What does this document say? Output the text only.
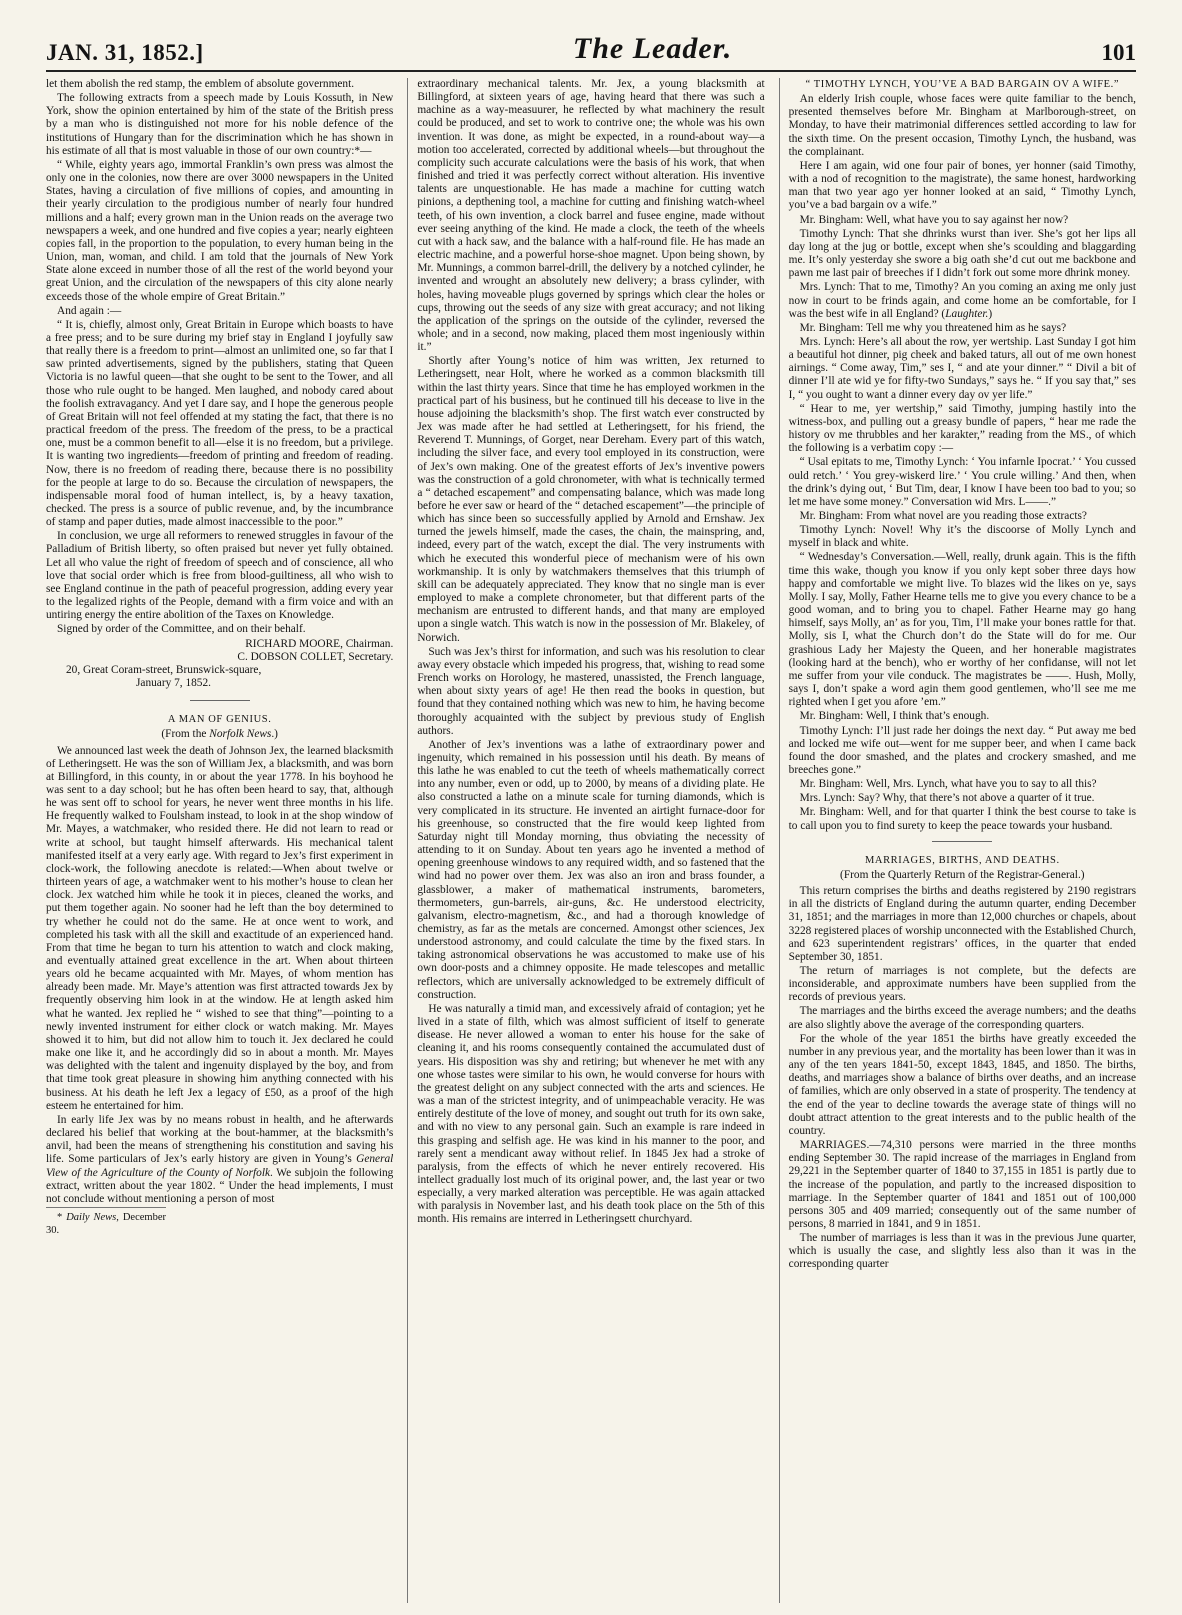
JAN. 31, 1852.]	The Leader.	101

let them abolish the red stamp, the emblem of absolute government.

The following extracts from a speech made by Louis Kossuth, in New York, show the opinion entertained by him of the state of the British press by a man who is distinguished not more for his noble defence of the institutions of Hungary than for the discrimination which he has shown in his estimate of all that is most valuable in those of our own country:*—

“ While, eighty years ago, immortal Franklin’s own press was almost the only one in the colonies, now there are over 3000 newspapers in the United States, having a circulation of five millions of copies, and amounting in their yearly circulation to the prodigious number of nearly four hundred millions and a half; every grown man in the Union reads on the average two newspapers a week, and one hundred and five copies a year; nearly eighteen copies fall, in the proportion to the population, to every human being in the Union, man, woman, and child. I am told that the journals of New York State alone exceed in number those of all the rest of the world beyond your great Union, and the circulation of the newspapers of this city alone nearly exceeds those of the whole empire of Great Britain.”

And again :—

“ It is, chiefly, almost only, Great Britain in Europe which boasts to have a free press; and to be sure during my brief stay in England I joyfully saw that really there is a freedom to print—almost an unlimited one, so far that I saw printed advertisements, signed by the publishers, stating that Queen Victoria is no lawful queen—that she ought to be sent to the Tower, and all those who rule ought to be hanged. Men laughed, and nobody cared about the foolish extravagancy. And yet I dare say, and I hope the generous people of Great Britain will not feel offended at my stating the fact, that there is no practical freedom of the press. The freedom of the press, to be a practical one, must be a common benefit to all—else it is no freedom, but a privilege. It is wanting two ingredients—freedom of printing and freedom of reading. Now, there is no freedom of reading there, because there is no possibility for the people at large to do so. Because the circulation of newspapers, the indispensable moral food of human intellect, is, by a heavy taxation, checked. The press is a source of public revenue, and, by the incumbrance of stamp and paper duties, made almost inaccessible to the poor.”

In conclusion, we urge all reformers to renewed struggles in favour of the Palladium of British liberty, so often praised but never yet fully obtained. Let all who value the right of freedom of speech and of conscience, all who love that social order which is free from blood-guiltiness, all who wish to see England continue in the path of peaceful progression, adding every year to the legalized rights of the People, demand with a firm voice and with an untiring energy the entire abolition of the Taxes on Knowledge.

Signed by order of the Committee, and on their behalf.

RICHARD MOORE, Chairman.

C. DOBSON COLLET, Secretary.

20, Great Coram-street, Brunswick-square,

January 7, 1852.

A MAN OF GENIUS.

(From the Norfolk News.)

We announced last week the death of Johnson Jex, the learned blacksmith of Letheringsett. He was the son of William Jex, a blacksmith, and was born at Billingford, in this county, in or about the year 1778. In his boyhood he was sent to a day school; but he has often been heard to say, that, although he was sent off to school for years, he never went three months in his life. He frequently walked to Foulsham instead, to look in at the shop window of Mr. Mayes, a watchmaker, who resided there. He did not learn to read or write at school, but taught himself afterwards. His mechanical talent manifested itself at a very early age. With regard to Jex’s first experiment in clock-work, the following anecdote is related:—When about twelve or thirteen years of age, a watchmaker went to his mother’s house to clean her clock. Jex watched him while he took it in pieces, cleaned the works, and put them together again. No sooner had he left than the boy determined to try whether he could not do the same. He at once went to work, and completed his task with all the skill and exactitude of an experienced hand. From that time he began to turn his attention to watch and clock making, and eventually attained great excellence in the art. When about thirteen years old he became acquainted with Mr. Mayes, of whom mention has already been made. Mr. Maye’s attention was first attracted towards Jex by frequently observing him look in at the window. He at length asked him what he wanted. Jex replied he “ wished to see that thing”—pointing to a newly invented instrument for either clock or watch making. Mr. Mayes showed it to him, but did not allow him to touch it. Jex declared he could make one like it, and he accordingly did so in about a month. Mr. Mayes was delighted with the talent and ingenuity displayed by the boy, and from that time took great pleasure in showing him anything connected with his business. At his death he left Jex a legacy of £50, as a proof of the high esteem he entertained for him.

In early life Jex was by no means robust in health, and he afterwards declared his belief that working at the bout-hammer, at the blacksmith’s anvil, had been the means of strengthening his constitution and saving his life. Some particulars of Jex’s early history are given in Young’s General View of the Agriculture of the County of Norfolk. We subjoin the following extract, written about the year 1802. “ Under the head implements, I must not conclude without mentioning a person of most

* Daily News, December 30.

extraordinary mechanical talents. Mr. Jex, a young blacksmith at Billingford, at sixteen years of age, having heard that there was such a machine as a way-measuurer, he reflected by what machinery the result could be produced, and set to work to contrive one; the whole was his own invention. It was done, as might be expected, in a round-about way—a motion too accelerated, corrected by additional wheels—but throughout the complicity such accurate calculations were the basis of his work, that when finished and tried it was perfectly correct without alteration. His inventive talents are unquestionable. He has made a machine for cutting watch pinions, a depthening tool, a machine for cutting and finishing watch-wheel teeth, of his own invention, a clock barrel and fusee engine, made without ever seeing anything of the kind. He made a clock, the teeth of the wheels cut with a hack saw, and the balance with a half-round file. He has made an electric machine, and a powerful horse-shoe magnet. Upon being shown, by Mr. Munnings, a common barrel-drill, the delivery by a notched cylinder, he invented and wrought an absolutely new delivery; a brass cylinder, with holes, having moveable plugs governed by springs which clear the holes or cups, throwing out the seeds of any size with great accuracy; and not liking the application of the springs on the outside of the cylinder, reversed the whole; and in a second, now making, placed them most ingeniously within it.”

Shortly after Young’s notice of him was written, Jex returned to Letheringsett, near Holt, where he worked as a common blacksmith till within the last thirty years. Since that time he has employed workmen in the practical part of his business, but he continued till his decease to live in the house adjoining the blacksmith’s shop. The first watch ever constructed by Jex was made after he had settled at Letheringsett, for his friend, the Reverend T. Munnings, of Gorget, near Dereham. Every part of this watch, including the silver face, and every tool employed in its construction, were of Jex’s own making. One of the greatest efforts of Jex’s inventive powers was the construction of a gold chronometer, with what is technically termed a “ detached escapement” and compensating balance, which was made long before he ever saw or heard of the “ detached escapement”—the principle of which has since been so successfully applied by Arnold and Ernshaw. Jex turned the jewels himself, made the cases, the chain, the mainspring, and, indeed, every part of the watch, except the dial. The very instruments with which he executed this wonderful piece of mechanism were of his own workmanship. It is only by watchmakers themselves that this triumph of skill can be adequately appreciated. They know that no single man is ever employed to make a complete chronometer, but that different parts of the mechanism are entrusted to different hands, and that many are employed upon a single watch. This watch is now in the possession of Mr. Blakeley, of Norwich.

Such was Jex’s thirst for information, and such was his resolution to clear away every obstacle which impeded his progress, that, wishing to read some French works on Horology, he mastered, unassisted, the French language, when about sixty years of age! He then read the books in question, but found that they contained nothing which was new to him, he having become thoroughly acquainted with the subject by previous study of English authors.

Another of Jex’s inventions was a lathe of extraordinary power and ingenuity, which remained in his possession until his death. By means of this lathe he was enabled to cut the teeth of wheels mathematically correct into any number, even or odd, up to 2000, by means of a dividing plate. He also constructed a lathe on a minute scale for turning diamonds, which is very complicated in its structure. He invented an airtight furnace-door for his greenhouse, so constructed that the fire would keep lighted from Saturday night till Monday morning, thus obviating the necessity of attending to it on Sunday. About ten years ago he invented a method of opening greenhouse windows to any required width, and so fastened that the wind had no power over them. Jex was also an iron and brass founder, a glassblower, a maker of mathematical instruments, barometers, thermometers, gun-barrels, air-guns, &c. He understood electricity, galvanism, electro-magnetism, &c., and had a thorough knowledge of chemistry, as far as the metals are concerned. Amongst other sciences, Jex understood astronomy, and could calculate the time by the fixed stars. In taking astronomical observations he was accustomed to make use of his own door-posts and a chimney opposite. He made telescopes and metallic reflectors, which are universally acknowledged to be extremely difficult of construction.

He was naturally a timid man, and excessively afraid of contagion; yet he lived in a state of filth, which was almost sufficient of itself to generate disease. He never allowed a woman to enter his house for the sake of cleaning it, and his rooms consequently contained the accumulated dust of years. His disposition was shy and retiring; but whenever he met with any one whose tastes were similar to his own, he would converse for hours with the greatest delight on any subject connected with the arts and sciences. He was a man of the strictest integrity, and of unimpeachable veracity. He was entirely destitute of the love of money, and sought out truth for its own sake, and with no view to any personal gain. Such an example is rare indeed in this grasping and selfish age. He was kind in his manner to the poor, and rarely sent a mendicant away without relief. In 1845 Jex had a stroke of paralysis, from the effects of which he never entirely recovered. His intellect gradually lost much of its original power, and, the last year or two especially, a very marked alteration was perceptible. He was again attacked with paralysis in November last, and his death took place on the 5th of this month. His remains are interred in Letheringsett churchyard.

“ TIMOTHY LYNCH, YOU’VE A BAD BARGAIN OV A WIFE.”

An elderly Irish couple, whose faces were quite familiar to the bench, presented themselves before Mr. Bingham at Marlborough-street, on Monday, to have their matrimonial differences settled according to law for the sixth time. On the present occasion, Timothy Lynch, the husband, was the complainant.

Here I am again, wid one four pair of bones, yer honner (said Timothy, with a nod of recognition to the magistrate), the same honest, hardworking man that two year ago yer honner looked at an said, “ Timothy Lynch, you’ve a bad bargain ov a wife.”

Mr. Bingham: Well, what have you to say against her now?

Timothy Lynch: That she dhrinks wurst than iver. She’s got her lips all day long at the jug or bottle, except when she’s scoulding and blaggarding me. It’s only yesterday she swore a big oath she’d cut out me backbone and pawn me last pair of breeches if I didn’t fork out some more dhrink money.

Mrs. Lynch: That to me, Timothy? An you coming an axing me only just now in court to be frinds again, and come home an be comfortable, for I was the best wife in all England? (Laughter.)

Mr. Bingham: Tell me why you threatened him as he says?

Mrs. Lynch: Here’s all about the row, yer wertship. Last Sunday I got him a beautiful hot dinner, pig cheek and baked taturs, all out of me own honest airnings. “ Come away, Tim,” ses I, “ and ate your dinner.” “ Divil a bit of dinner I’ll ate wid ye for fifty-two Sundays,” says he. “ If you say that,” ses I, “ you ought to want a dinner every day ov yer life.”

“ Hear to me, yer wertship,” said Timothy, jumping hastily into the witness-box, and pulling out a greasy bundle of papers, “ hear me rade the history ov me thrubbles and her karakter,” reading from the MS., of which the following is a verbatim copy :—

“ Usal epitats to me, Timothy Lynch: ‘ You infarnle Ipocrat.’ ‘ You cussed ould retch.’ ‘ You grey-wiskerd lire.’ ‘ You crule willing.’ And then, when the drink’s dying out, ‘ But Tim, dear, I know I have been too bad to you; so let me have some money.” Conversation wid Mrs. L——.”

Mr. Bingham: From what novel are you reading those extracts?

Timothy Lynch: Novel! Why it’s the discoorse of Molly Lynch and myself in black and white.

“ Wednesday’s Conversation.—Well, really, drunk again. This is the fifth time this wake, though you know if you only kept sober three days how happy and comfortable we might live. To blazes wid the likes on ye, says Molly. I say, Molly, Father Hearne tells me to give you every chance to be a good woman, and to bring you to chapel. Father Hearne may go hang himself, says Molly, an’ as for you, Tim, I’ll make your bones rattle for that. Molly, sis I, what the Church don’t do the State will do for me. Our grashious Lady her Majesty the Queen, and her honerable magistrates (looking hard at the bench), who er worthy of her confidanse, will not let me suffer from your vile conduck. The magistrates be ——. Hush, Molly, says I, don’t spake a word agin them good gentlemen, who’ll see me me righted when I get you afore ’em.”

Mr. Bingham: Well, I think that’s enough.

Timothy Lynch: I’ll just rade her doings the next day. “ Put away me bed and locked me wife out—went for me supper beer, and when I came back found the door smashed, and the plates and crockery smashed, and me breeches gone.”

Mr. Bingham: Well, Mrs. Lynch, what have you to say to all this?

Mrs. Lynch: Say? Why, that there’s not above a quarter of it true.

Mr. Bingham: Well, and for that quarter I think the best course to take is to call upon you to find surety to keep the peace towards your husband.

MARRIAGES, BIRTHS, AND DEATHS.

(From the Quarterly Return of the Registrar-General.)

This return comprises the births and deaths registered by 2190 registrars in all the districts of England during the autumn quarter, ending December 31, 1851; and the marriages in more than 12,000 churches or chapels, about 3228 registered places of worship unconnected with the Established Church, and 623 superintendent registrars’ offices, in the quarter that ended September 30, 1851.

The return of marriages is not complete, but the defects are inconsiderable, and approximate numbers have been supplied from the records of previous years.

The marriages and the births exceed the average numbers; and the deaths are also slightly above the average of the corresponding quarters.

For the whole of the year 1851 the births have greatly exceeded the number in any previous year, and the mortality has been lower than it was in any of the ten years 1841-50, except 1843, 1845, and 1850. The births, deaths, and marriages show a balance of births over deaths, and an increase of families, which are only observed in a state of prosperity. The tendency at the end of the year to decline towards the average state of things will no doubt attract attention to the great interests and to the public health of the country.

MARRIAGES.—74,310 persons were married in the three months ending September 30. The rapid increase of the marriages in England from 29,221 in the September quarter of 1840 to 37,155 in 1851 is partly due to the increase of the population, and partly to the increased disposition to marriage. In the September quarter of 1841 and 1851 out of 100,000 persons 305 and 409 married; consequently out of the same number of persons, 8 married in 1841, and 9 in 1851.

The number of marriages is less than it was in the previous June quarter, which is usually the case, and slightly less also than it was in the corresponding quarter
